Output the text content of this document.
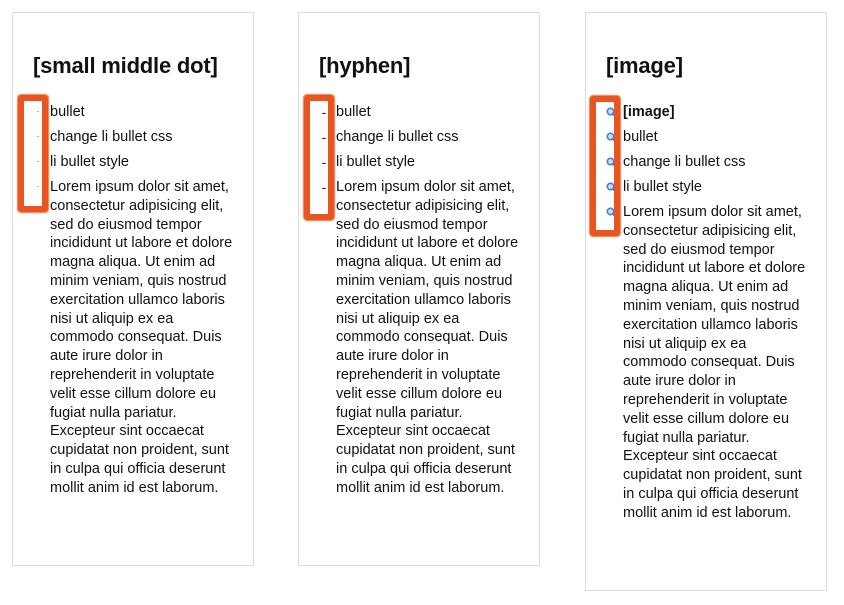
[small middle dot]
· bullet
· change li bullet css
· li bullet style
· Lorem ipsum dolor sit amet, consectetur adipisicing elit, sed do eiusmod tempor incididunt ut labore et dolore magna aliqua. Ut enim ad minim veniam, quis nostrud exercitation ullamco laboris nisi ut aliquip ex ea commodo consequat. Duis aute irure dolor in reprehenderit in voluptate velit esse cillum dolore eu fugiat nulla pariatur. Excepteur sint occaecat cupidatat non proident, sunt in culpa qui officia deserunt mollit anim id est laborum.
[hyphen]
- bullet
- change li bullet css
- li bullet style
- Lorem ipsum dolor sit amet, consectetur adipisicing elit, sed do eiusmod tempor incididunt ut labore et dolore magna aliqua. Ut enim ad minim veniam, quis nostrud exercitation ullamco laboris nisi ut aliquip ex ea commodo consequat. Duis aute irure dolor in reprehenderit in voluptate velit esse cillum dolore eu fugiat nulla pariatur. Excepteur sint occaecat cupidatat non proident, sunt in culpa qui officia deserunt mollit anim id est laborum.
[image]
[image]
bullet
change li bullet css
li bullet style
Lorem ipsum dolor sit amet, consectetur adipisicing elit, sed do eiusmod tempor incididunt ut labore et dolore magna aliqua. Ut enim ad minim veniam, quis nostrud exercitation ullamco laboris nisi ut aliquip ex ea commodo consequat. Duis aute irure dolor in reprehenderit in voluptate velit esse cillum dolore eu fugiat nulla pariatur. Excepteur sint occaecat cupidatat non proident, sunt in culpa qui officia deserunt mollit anim id est laborum.
